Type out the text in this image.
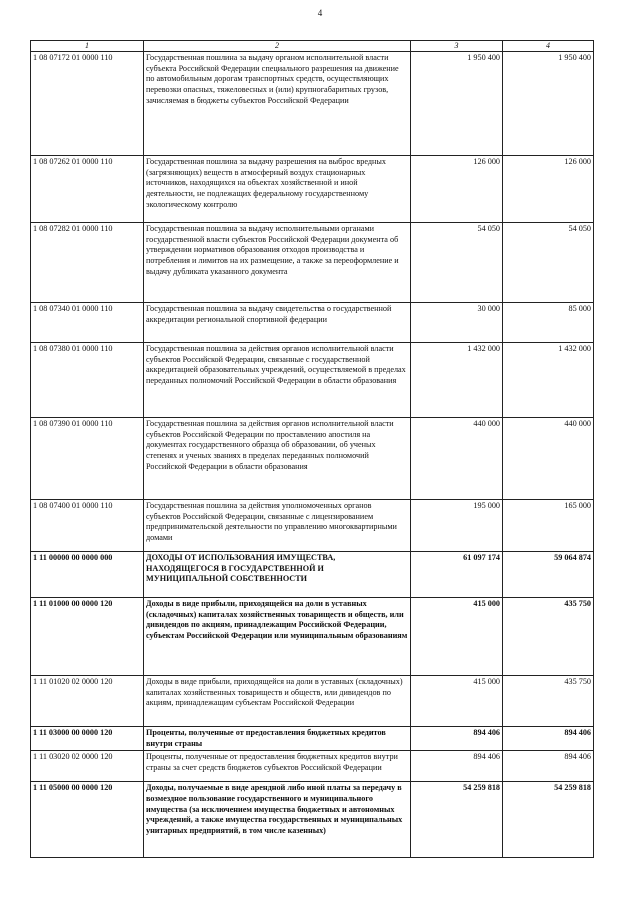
4
1	2	3	4
1 08 07172 01 0000 110	Государственная пошлина за выдачу органом исполнительной власти субъекта Российской Федерации специального разрешения на движение по автомобильным дорогам транспортных средств, осуществляющих перевозки опасных, тяжеловесных и (или) крупногабаритных грузов, зачисляемая в бюджеты субъектов Российской Федерации	1 950 400	1 950 400
1 08 07262 01 0000 110	Государственная пошлина за выдачу разрешения на выброс вредных (загрязняющих) веществ в атмосферный воздух стационарных источников, находящихся на объектах хозяйственной и иной деятельности, не подлежащих федеральному государственному экологическому контролю	126 000	126 000
1 08 07282 01 0000 110	Государственная пошлина за выдачу исполнительными органами государственной власти субъектов Российской Федерации документа об утверждении нормативов образования отходов производства и потребления и лимитов на их размещение, а также за переоформление и выдачу дубликата указанного документа	54 050	54 050
1 08 07340 01 0000 110	Государственная пошлина за выдачу свидетельства о государственной аккредитации региональной спортивной федерации	30 000	85 000
1 08 07380 01 0000 110	Государственная пошлина за действия органов исполнительной власти субъектов Российской Федерации, связанные с государственной аккредитацией образовательных учреждений, осуществляемой в пределах переданных полномочий Российской Федерации в области образования	1 432 000	1 432 000
1 08 07390 01 0000 110	Государственная пошлина за действия органов исполнительной власти субъектов Российской Федерации по проставлению апостиля на документах государственного образца об образовании, об ученых степенях и ученых званиях в пределах переданных полномочий Российской Федерации в области образования	440 000	440 000
1 08 07400 01 0000 110	Государственная пошлина за действия уполномоченных органов субъектов Российской Федерации, связанные с лицензированием предпринимательской деятельности по управлению многоквартирными домами	195 000	165 000
1 11 00000 00 0000 000	ДОХОДЫ ОТ ИСПОЛЬЗОВАНИЯ ИМУЩЕСТВА, НАХОДЯЩЕГОСЯ В ГОСУДАРСТВЕННОЙ И МУНИЦИПАЛЬНОЙ СОБСТВЕННОСТИ	61 097 174	59 064 874
1 11 01000 00 0000 120	Доходы в виде прибыли, приходящейся на доли в уставных (складочных) капиталах хозяйственных товариществ и обществ, или дивидендов по акциям, принадлежащим Российской Федерации, субъектам Российской Федерации или муниципальным образованиям	415 000	435 750
1 11 01020 02 0000 120	Доходы в виде прибыли, приходящейся на доли в уставных (складочных) капиталах хозяйственных товариществ и обществ, или дивидендов по акциям, принадлежащим субъектам Российской Федерации	415 000	435 750
1 11 03000 00 0000 120	Проценты, полученные от предоставления бюджетных кредитов внутри страны	894 406	894 406
1 11 03020 02 0000 120	Проценты, полученные от предоставления бюджетных кредитов внутри страны за счет средств бюджетов субъектов Российской Федерации	894 406	894 406
1 11 05000 00 0000 120	Доходы, получаемые в виде арендной либо иной платы за передачу в возмездное пользование государственного и муниципального имущества (за исключением имущества бюджетных и автономных учреждений, а также имущества государственных и муниципальных унитарных предприятий, в том числе казенных)	54 259 818	54 259 818
